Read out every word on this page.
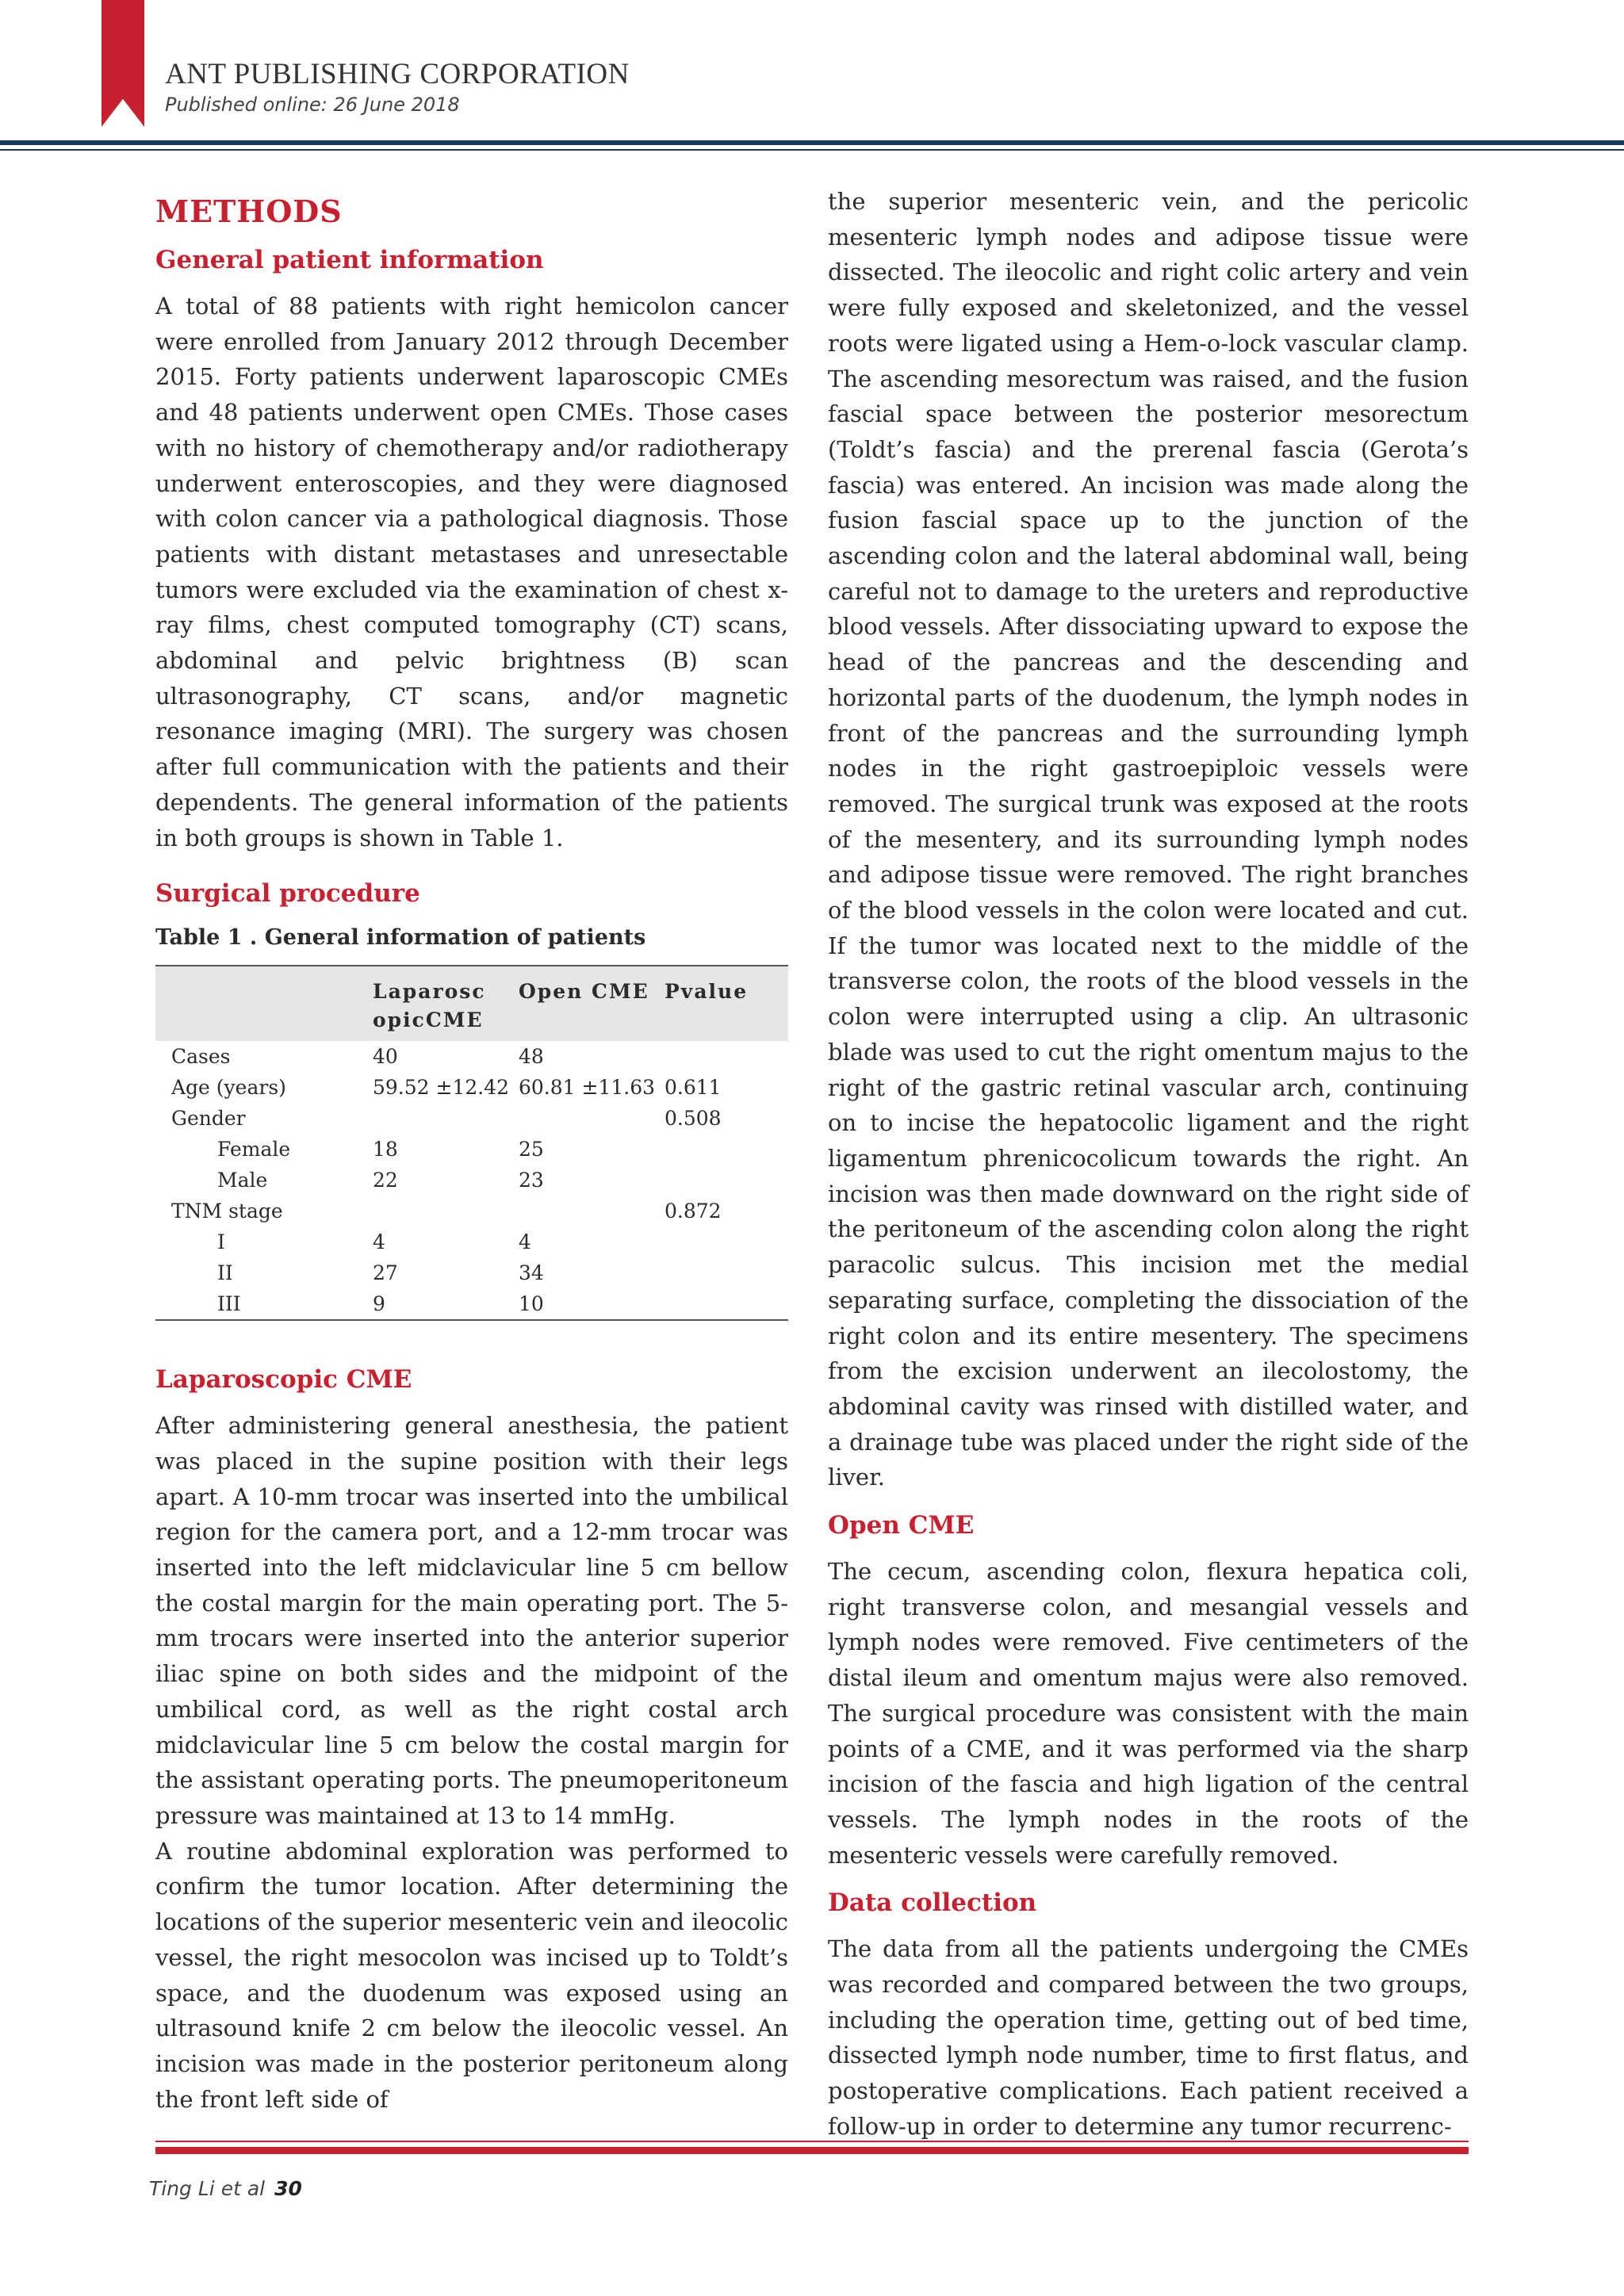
ANT PUBLISHING CORPORATION
Published online: 26 June 2018
METHODS
General patient information

A total of 88 patients with right hemicolon cancer were enrolled from January 2012 through December 2015. Forty patients underwent laparoscopic CMEs and 48 patients underwent open CMEs. Those cases with no history of chemotherapy and/or radiotherapy underwent enteroscopies, and they were diagnosed with colon cancer via a pathological diagnosis. Those patients with distant metastases and unresectable tumors were excluded via the examination of chest x-ray films, chest computed tomography (CT) scans, abdominal and pelvic brightness (B) scan ultrasonography, CT scans, and/or magnetic resonance imaging (MRI). The surgery was chosen after full communication with the patients and their dependents. The general information of the patients in both groups is shown in Table 1.

Surgical procedure
Table 1 . General information of patients
	Laparosc opicCME	Open CME	Pvalue
Cases	40	48	
Age (years)	59.52 ±12.42	60.81 ±11.63	0.611
Gender			0.508
Female	18	25	
Male	22	23	
TNM stage			0.872
I	4	4	
II	27	34	
III	9	10	
Laparoscopic CME

After administering general anesthesia, the patient was placed in the supine position with their legs apart. A 10-mm trocar was inserted into the umbilical region for the camera port, and a 12-mm trocar was inserted into the left midclavicular line 5 cm bellow the costal margin for the main operating port. The 5-mm trocars were inserted into the anterior superior iliac spine on both sides and the midpoint of the umbilical cord, as well as the right costal arch midclavicular line 5 cm below the costal margin for the assistant operating ports. The pneumoperitoneum pressure was maintained at 13 to 14 mmHg.

A routine abdominal exploration was performed to confirm the tumor location. After determining the locations of the superior mesenteric vein and ileocolic vessel, the right mesocolon was incised up to Toldt’s space, and the duodenum was exposed using an ultrasound knife 2 cm below the ileocolic vessel. An incision was made in the posterior peritoneum along the front left side of

the superior mesenteric vein, and the pericolic mesenteric lymph nodes and adipose tissue were dissected. The ileocolic and right colic artery and vein were fully exposed and skeletonized, and the vessel roots were ligated using a Hem-o-lock vascular clamp. The ascending mesorectum was raised, and the fusion fascial space between the posterior mesorectum (Toldt’s fascia) and the prerenal fascia (Gerota’s fascia) was entered. An incision was made along the fusion fascial space up to the junction of the ascending colon and the lateral abdominal wall, being careful not to damage to the ureters and reproductive blood vessels. After dissociating upward to expose the head of the pancreas and the descending and horizontal parts of the duodenum, the lymph nodes in front of the pancreas and the surrounding lymph nodes in the right gastroepiploic vessels were removed. The surgical trunk was exposed at the roots of the mesentery, and its surrounding lymph nodes and adipose tissue were removed. The right branches of the blood vessels in the colon were located and cut. If the tumor was located next to the middle of the transverse colon, the roots of the blood vessels in the colon were interrupted using a clip. An ultrasonic blade was used to cut the right omentum majus to the right of the gastric retinal vascular arch, continuing on to incise the hepatocolic ligament and the right ligamentum phrenicocolicum towards the right. An incision was then made downward on the right side of the peritoneum of the ascending colon along the right paracolic sulcus. This incision met the medial separating surface, completing the dissociation of the right colon and its entire mesentery. The specimens from the excision underwent an ilecolostomy, the abdominal cavity was rinsed with distilled water, and a drainage tube was placed under the right side of the liver.

Open CME

The cecum, ascending colon, flexura hepatica coli, right transverse colon, and mesangial vessels and lymph nodes were removed. Five centimeters of the distal ileum and omentum majus were also removed. The surgical procedure was consistent with the main points of a CME, and it was performed via the sharp incision of the fascia and high ligation of the central vessels. The lymph nodes in the roots of the mesenteric vessels were carefully removed.

Data collection

The data from all the patients undergoing the CMEs was recorded and compared between the two groups, including the operation time, getting out of bed time, dissected lymph node number, time to first flatus, and postoperative complications. Each patient received a follow-up in order to determine any tumor recurrenc-

Ting Li et al 30
